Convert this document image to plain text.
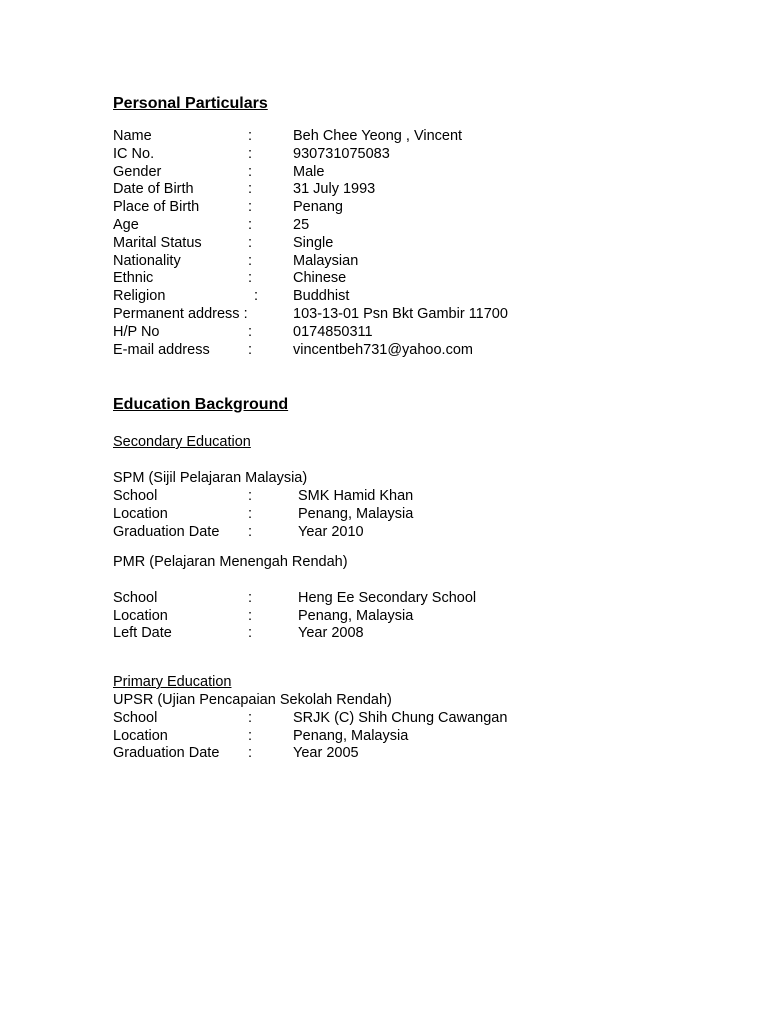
Personal Particulars
Name	:	Beh Chee Yeong , Vincent
IC No.	:	930731075083
Gender	:	Male
Date of Birth	:	31 July 1993
Place of Birth	:	Penang
Age	:	25
Marital Status	:	Single
Nationality	:	Malaysian
Ethnic	:	Chinese
Religion	: Buddhist
Permanent address :	103-13-01 Psn Bkt Gambir 11700
H/P No	:	0174850311
E-mail address	:	vincentbeh731@yahoo.com
Education Background
Secondary Education
SPM (Sijil Pelajaran Malaysia)
School	:	SMK Hamid Khan
Location	:	Penang, Malaysia
Graduation Date :	Year 2010
PMR (Pelajaran Menengah Rendah)
School	:	Heng Ee Secondary School
Location	:	Penang, Malaysia
Left Date	:	Year 2008
Primary Education
UPSR (Ujian Pencapaian Sekolah Rendah)
School	:	SRJK (C) Shih Chung Cawangan
Location	:	Penang, Malaysia
Graduation Date :	Year 2005
